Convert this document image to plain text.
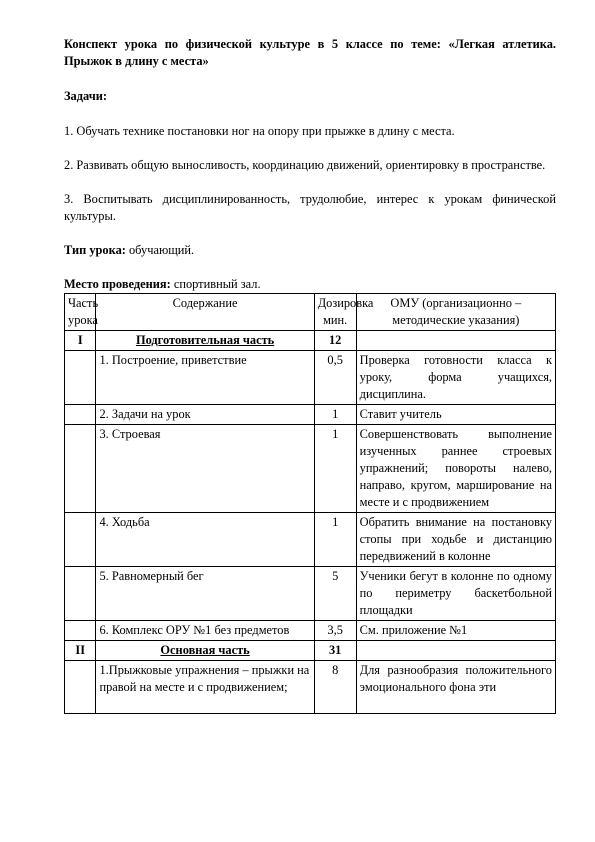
Конспект урока по физической культуре в 5 классе по теме: «Легкая атлетика. Прыжок в длину с места»

Задачи:

1. Обучать технике постановки ног на опору при прыжке в длину с места.

2. Развивать общую выносливость, координацию движений, ориентировку в пространстве.

3. Воспитывать дисциплинированность, трудолюбие, интерес к урокам финической культуры.

Тип урока: обучающий.

Место проведения: спортивный зал.

Часть урока	Содержание	Дозировка мин.	ОМУ (организационно – методические указания)
I	Подготовительная часть	12	
	1. Построение, приветствие	0,5	Проверка готовности класса к уроку, форма учащихся, дисциплина.
	2. Задачи на урок	1	Ставит учитель
	3. Строевая	1	Совершенствовать выполнение изученных раннее строевых упражнений; повороты налево, направо, кругом, марширование на месте и с продвижением
	4. Ходьба	1	Обратить внимание на постановку стопы при ходьбе и дистанцию передвижений в колонне
	5. Равномерный бег	5	Ученики бегут в колонне по одному по периметру баскетбольной площадки
	6. Комплекс ОРУ №1 без предметов	3,5	См. приложение №1
II	Основная часть	31	
	1.Прыжковые упражнения – прыжки на правой на месте и с продвижением;	8	Для разнообразия положительного эмоционального фона эти
